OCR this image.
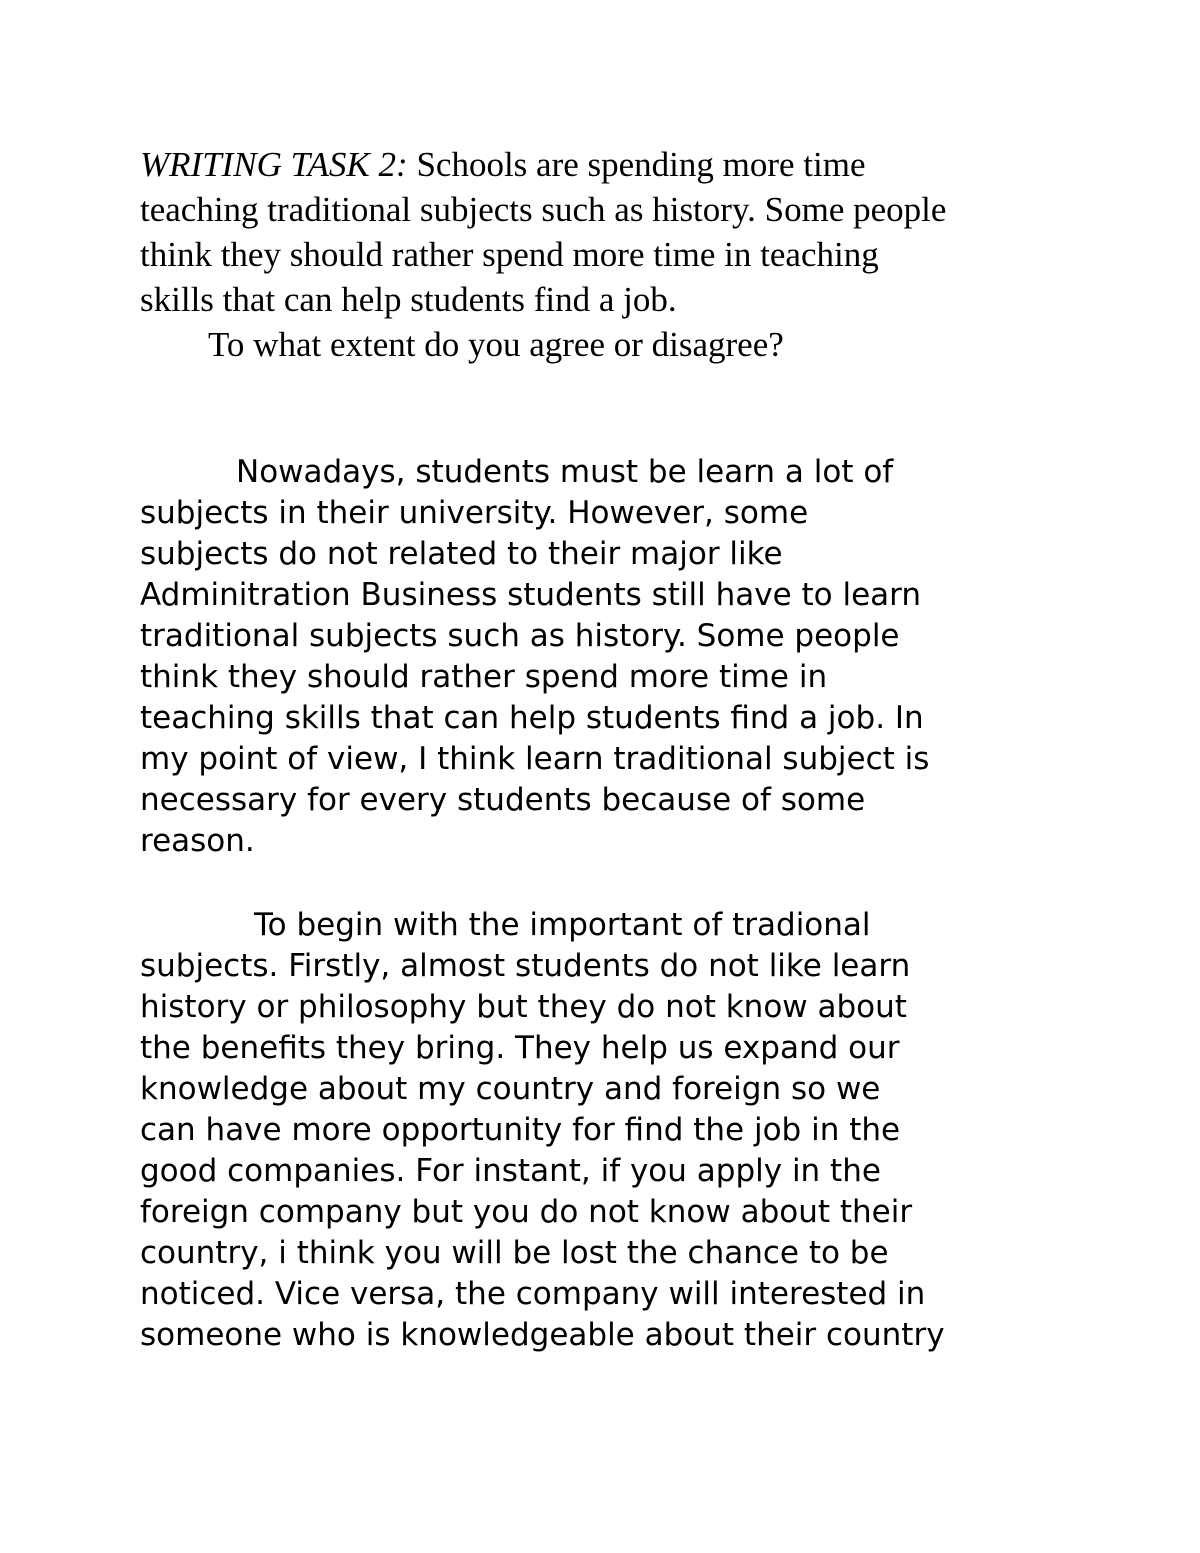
WRITING TASK 2: Schools are spending more time
teaching traditional subjects such as history. Some people
think they should rather spend more time in teaching
skills that can help students find a job.
To what extent do you agree or disagree?
Nowadays, students must be learn a lot of
subjects in their university. However, some
subjects do not related to their major like
Adminitration Business students still have to learn
traditional subjects such as history. Some people
think they should rather spend more time in
teaching skills that can help students find a job. In
my point of view, I think learn traditional subject is
necessary for every students because of some
reason.
To begin with the important of tradional
subjects. Firstly, almost students do not like learn
history or philosophy but they do not know about
the benefits they bring. They help us expand our
knowledge about my country and foreign so we
can have more opportunity for find the job in the
good companies. For instant, if you apply in the
foreign company but you do not know about their
country, i think you will be lost the chance to be
noticed. Vice versa, the company will interested in
someone who is knowledgeable about their country
